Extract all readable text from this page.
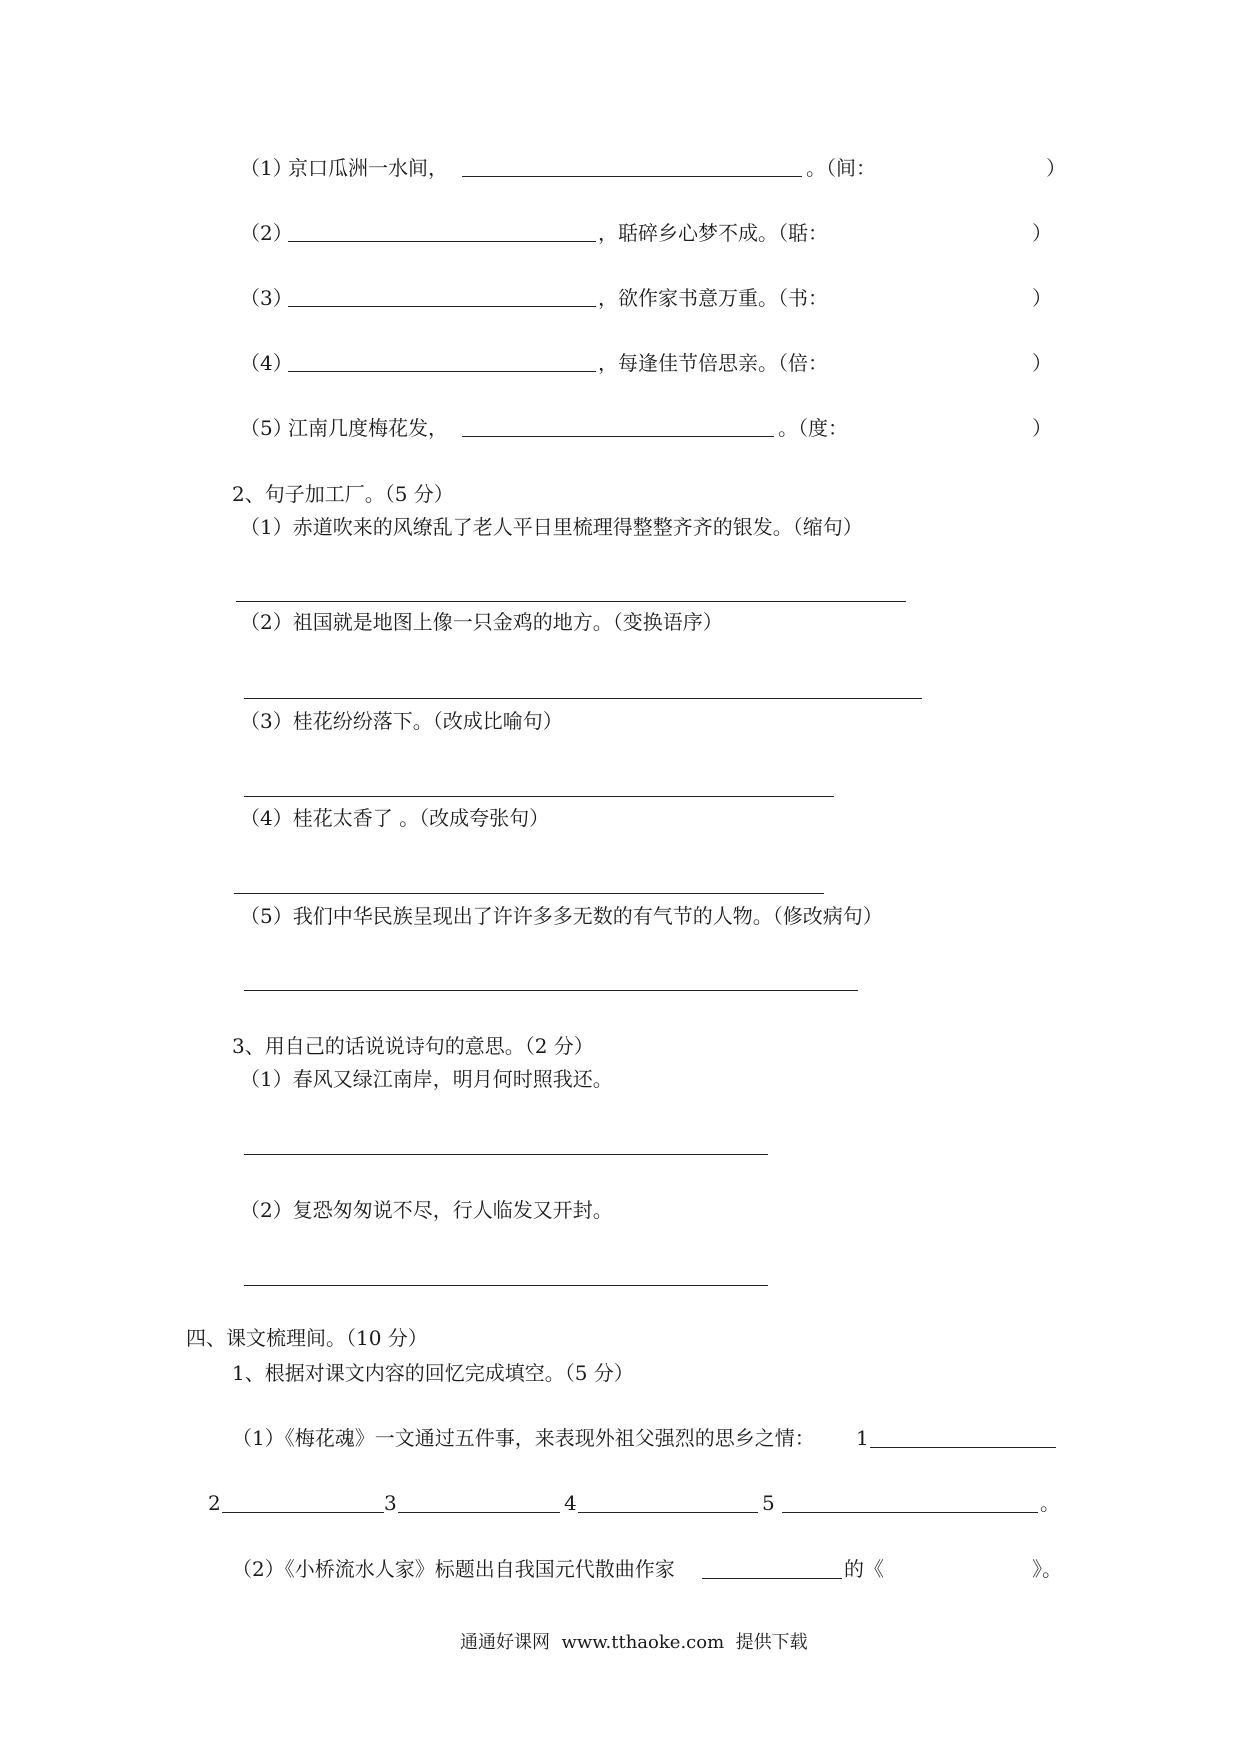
（1）
京口瓜洲一水间，	。（间：	）
（2）	，聒碎乡心梦不成。（聒：	）
（3）	，欲作家书意万重。（书：	）
（4）	，每逢佳节倍思亲。（倍：	）
（5）
江南几度梅花发，	。（度：	）
2、句子加工厂。（5 分）
（1）赤道吹来的风缭乱了老人平日里梳理得整整齐齐的银发。（缩句）
（2）祖国就是地图上像一只金鸡的地方。（变换语序）
（3）桂花纷纷落下。（改成比喻句）
（4）桂花太香了 。（改成夸张句）
（5）我们中华民族呈现出了许许多多无数的有气节的人物。（修改病句）
3、用自己的话说说诗句的意思。（2 分）
（1）春风又绿江南岸，明月何时照我还。
（2）复恐匆匆说不尽，行人临发又开封。
四、课文梳理间。（10 分）
1、根据对课文内容的回忆完成填空。（5 分）
（1）《梅花魂》一文通过五件事，来表现外祖父强烈的思乡之情： 1
2	3	4	5	。
（2）《小桥流水人家》标题出自我国元代散曲作家	的《	》。
通通好课网  www.tthaoke.com  提供下载
